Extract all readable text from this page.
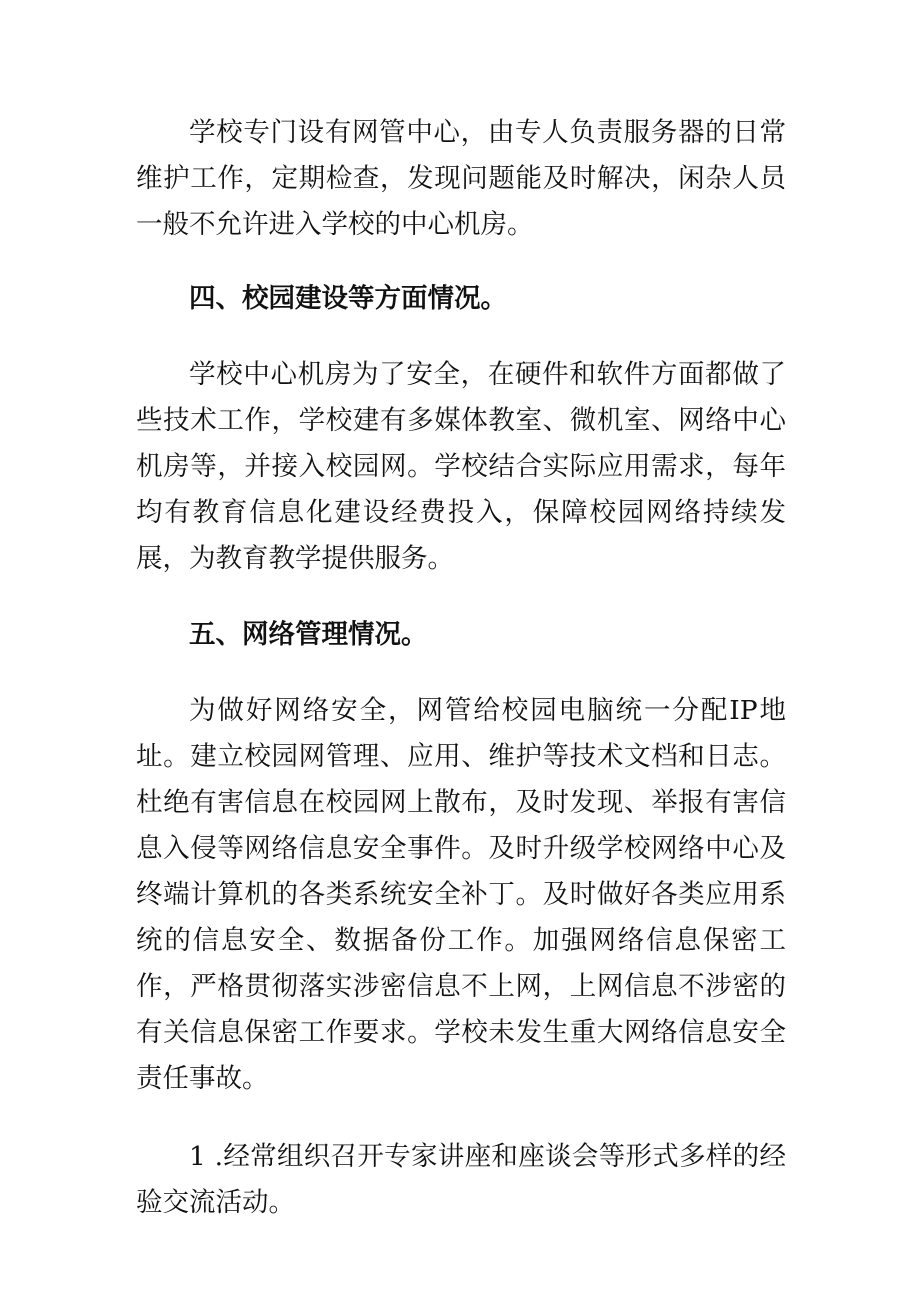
学校专门设有网管中心，由专人负责服务器的日常维护工作，定期检查，发现问题能及时解决，闲杂人员一般不允许进入学校的中心机房。

四、校园建设等方面情况。

学校中心机房为了安全，在硬件和软件方面都做了些技术工作，学校建有多媒体教室、微机室、网络中心机房等，并接入校园网。学校结合实际应用需求，每年均有教育信息化建设经费投入，保障校园网络持续发展，为教育教学提供服务。

五、网络管理情况。

为做好网络安全，网管给校园电脑统一分配IP地址。建立校园网管理、应用、维护等技术文档和日志。杜绝有害信息在校园网上散布，及时发现、举报有害信息入侵等网络信息安全事件。及时升级学校网络中心及终端计算机的各类系统安全补丁。及时做好各类应用系统的信息安全、数据备份工作。加强网络信息保密工作，严格贯彻落实涉密信息不上网，上网信息不涉密的有关信息保密工作要求。学校未发生重大网络信息安全责任事故。

1 .经常组织召开专家讲座和座谈会等形式多样的经验交流活动。
